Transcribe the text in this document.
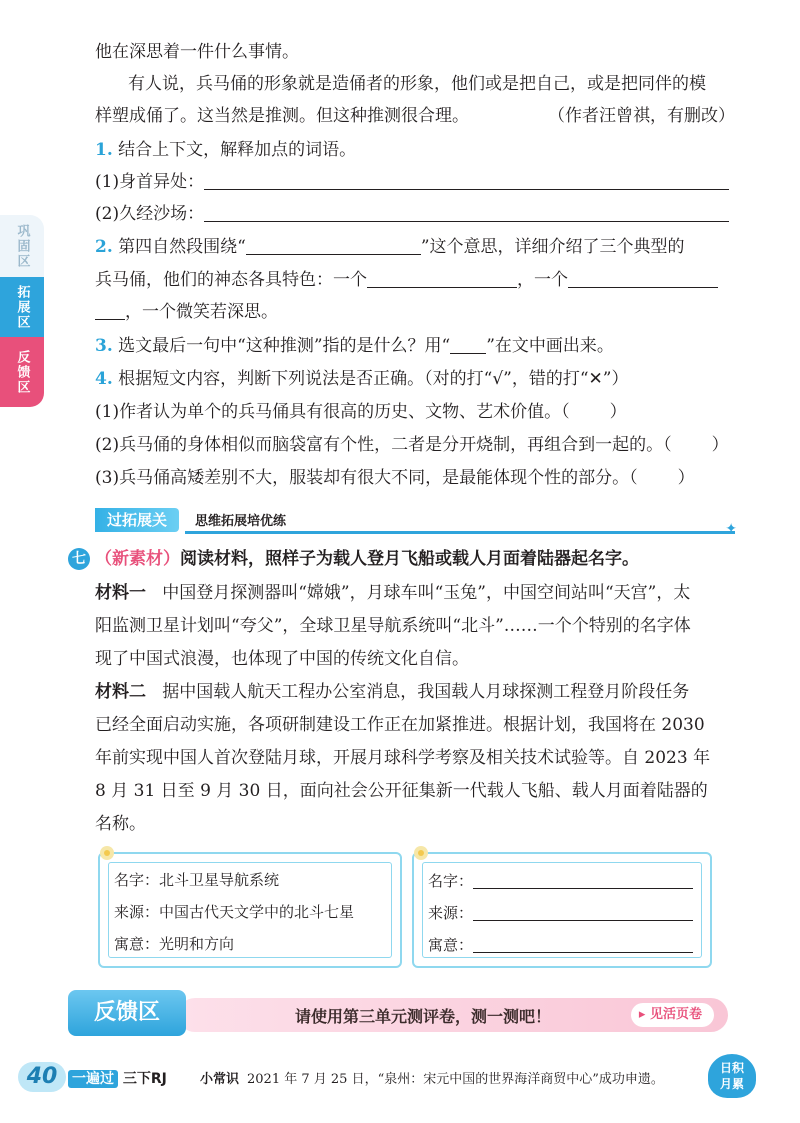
巩固区
拓展区
反馈区
他在深思着一件什么事情。
有人说，兵马俑的形象就是造俑者的形象，他们或是把自己，或是把同伴的模
样塑成俑了。这当然是推测。但这种推测很合理。	（作者汪曾祺，有删改）
1. 结合上下文，解释加点的词语。
(1)身首异处：
(2)久经沙场：
2. 第四自然段围绕“	”这个意思，详细介绍了三个典型的
兵马俑，他们的神态各具特色：一个	，一个
，一个微笑若深思。
3. 选文最后一句中“这种推测”指的是什么？用“ ”在文中画出来。
4. 根据短文内容，判断下列说法是否正确。（对的打“√”，错的打“✕”）
(1)作者认为单个的兵马俑具有很高的历史、文物、艺术价值。（ ）
(2)兵马俑的身体相似而脑袋富有个性，二者是分开烧制，再组合到一起的。（ ）
(3)兵马俑高矮差别不大，服装却有很大不同，是最能体现个性的部分。（ ）
过拓展关	思维拓展培优练	✦
七 （新素材）阅读材料，照样子为载人登月飞船或载人月面着陆器起名字。
材料一 中国登月探测器叫“嫦娥”，月球车叫“玉兔”，中国空间站叫“天宫”，太
阳监测卫星计划叫“夸父”，全球卫星导航系统叫“北斗”……一个个特别的名字体
现了中国式浪漫，也体现了中国的传统文化自信。
材料二 据中国载人航天工程办公室消息，我国载人月球探测工程登月阶段任务
已经全面启动实施，各项研制建设工作正在加紧推进。根据计划，我国将在 2030
年前实现中国人首次登陆月球，开展月球科学考察及相关技术试验等。自 2023 年
8 月 31 日至 9 月 30 日，面向社会公开征集新一代载人飞船、载人月面着陆器的
名称。
名字：北斗卫星导航系统
来源：中国古代天文学中的北斗七星
寓意：光明和方向
名字：
来源：
寓意：
请使用第三单元测评卷，测一测吧！	▸ 见活页卷
反馈区
40	一遍过 三下RJ	小常识 2021 年 7 月 25 日，“泉州：宋元中国的世界海洋商贸中心”成功申遗。
日积
月累
